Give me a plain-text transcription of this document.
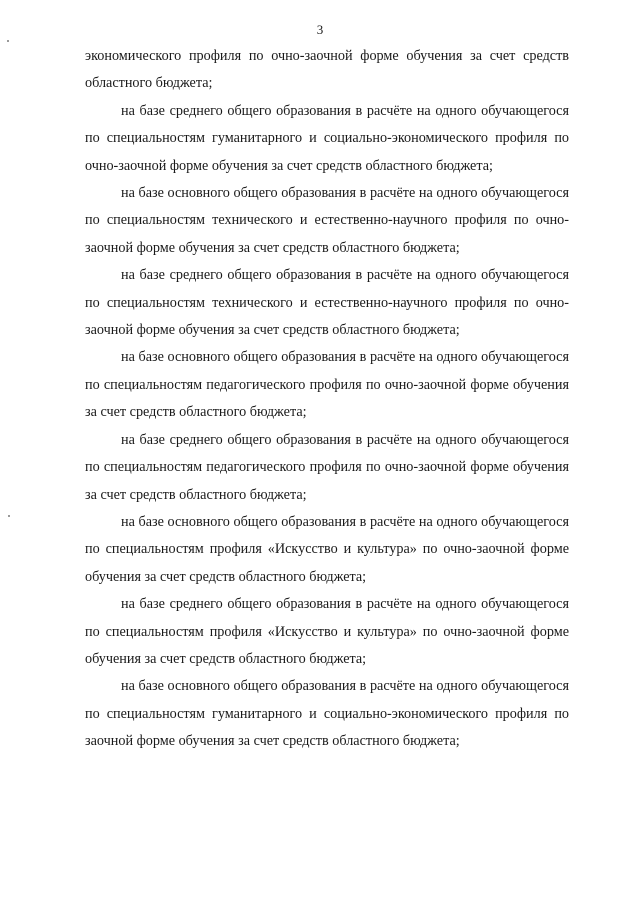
3

экономического профиля по очно-заочной форме обучения за счет средств областного бюджета;

на базе среднего общего образования в расчёте на одного обучающегося по специальностям гуманитарного и социально-экономического профиля по очно-заочной форме обучения за счет средств областного бюджета;

на базе основного общего образования в расчёте на одного обучающегося по специальностям технического и естественно-научного профиля по очно-заочной форме обучения за счет средств областного бюджета;

на базе среднего общего образования в расчёте на одного обучающегося по специальностям технического и естественно-научного профиля по очно-заочной форме обучения за счет средств областного бюджета;

на базе основного общего образования в расчёте на одного обучающегося по специальностям педагогического профиля по очно-заочной форме обучения за счет средств областного бюджета;

на базе среднего общего образования в расчёте на одного обучающегося по специальностям педагогического профиля по очно-заочной форме обучения за счет средств областного бюджета;

на базе основного общего образования в расчёте на одного обучающегося по специальностям профиля «Искусство и культура» по очно-заочной форме обучения за счет средств областного бюджета;

на базе среднего общего образования в расчёте на одного обучающегося по специальностям профиля «Искусство и культура» по очно-заочной форме обучения за счет средств областного бюджета;

на базе основного общего образования в расчёте на одного обучающегося по специальностям гуманитарного и социально-экономического профиля по заочной форме обучения за счет средств областного бюджета;
